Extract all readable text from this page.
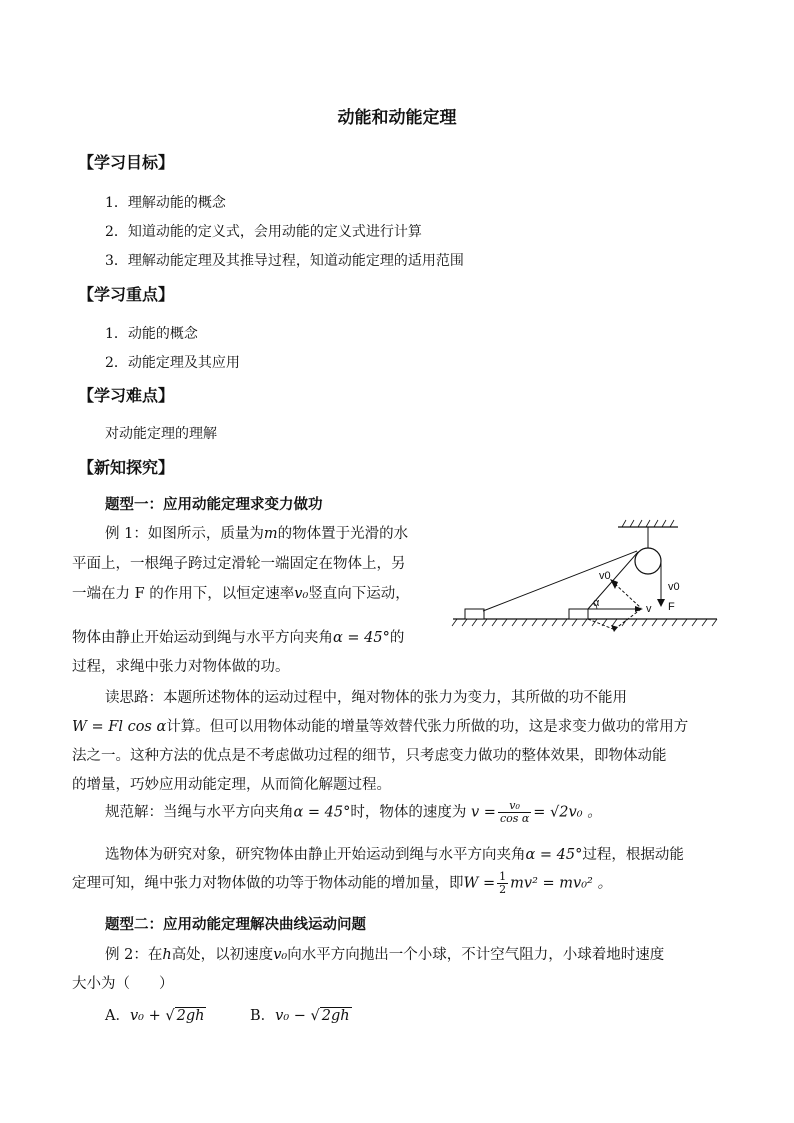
动能和动能定理
【学习目标】
1．理解动能的概念
2．知道动能的定义式，会用动能的定义式进行计算
3．理解动能定理及其推导过程，知道动能定理的适用范围
【学习重点】
1．动能的概念
2．动能定理及其应用
【学习难点】
对动能定理的理解
【新知探究】
题型一：应用动能定理求变力做功
例 1：如图所示，质量为m的物体置于光滑的水
平面上，一根绳子跨过定滑轮一端固定在物体上，另
一端在力 F 的作用下，以恒定速率v₀竖直向下运动，
物体由静止开始运动到绳与水平方向夹角α = 45°的
过程，求绳中张力对物体做的功。
v0
α	v
v0
F
读思路：本题所述物体的运动过程中，绳对物体的张力为变力，其所做的功不能用
W = Fl cos α计算。但可以用物体动能的增量等效替代张力所做的功，这是求变力做功的常用方
法之一。这种方法的优点是不考虑做功过程的细节，只考虑变力做功的整体效果，即物体动能
的增量，巧妙应用动能定理，从而简化解题过程。
规范解：当绳与水平方向夹角α = 45°时，物体的速度为 $v = \frac{\text{v₀}}{\text{cos α}} = √2v_0$ 。
选物体为研究对象，研究物体由静止开始运动到绳与水平方向夹角α = 45°过程，根据动能
定理可知，绳中张力对物体做的功等于物体动能的增加量，即$W = \frac{1}{2} mv^2 = mv_0^2$ 。
题型二：应用动能定理解决曲线运动问题
例 2：在h高处，以初速度v₀向水平方向抛出一个小球，不计空气阻力，小球着地时速度
大小为（　　）
A．v₀ + √ 2gh	B．v₀ − √ 2gh
